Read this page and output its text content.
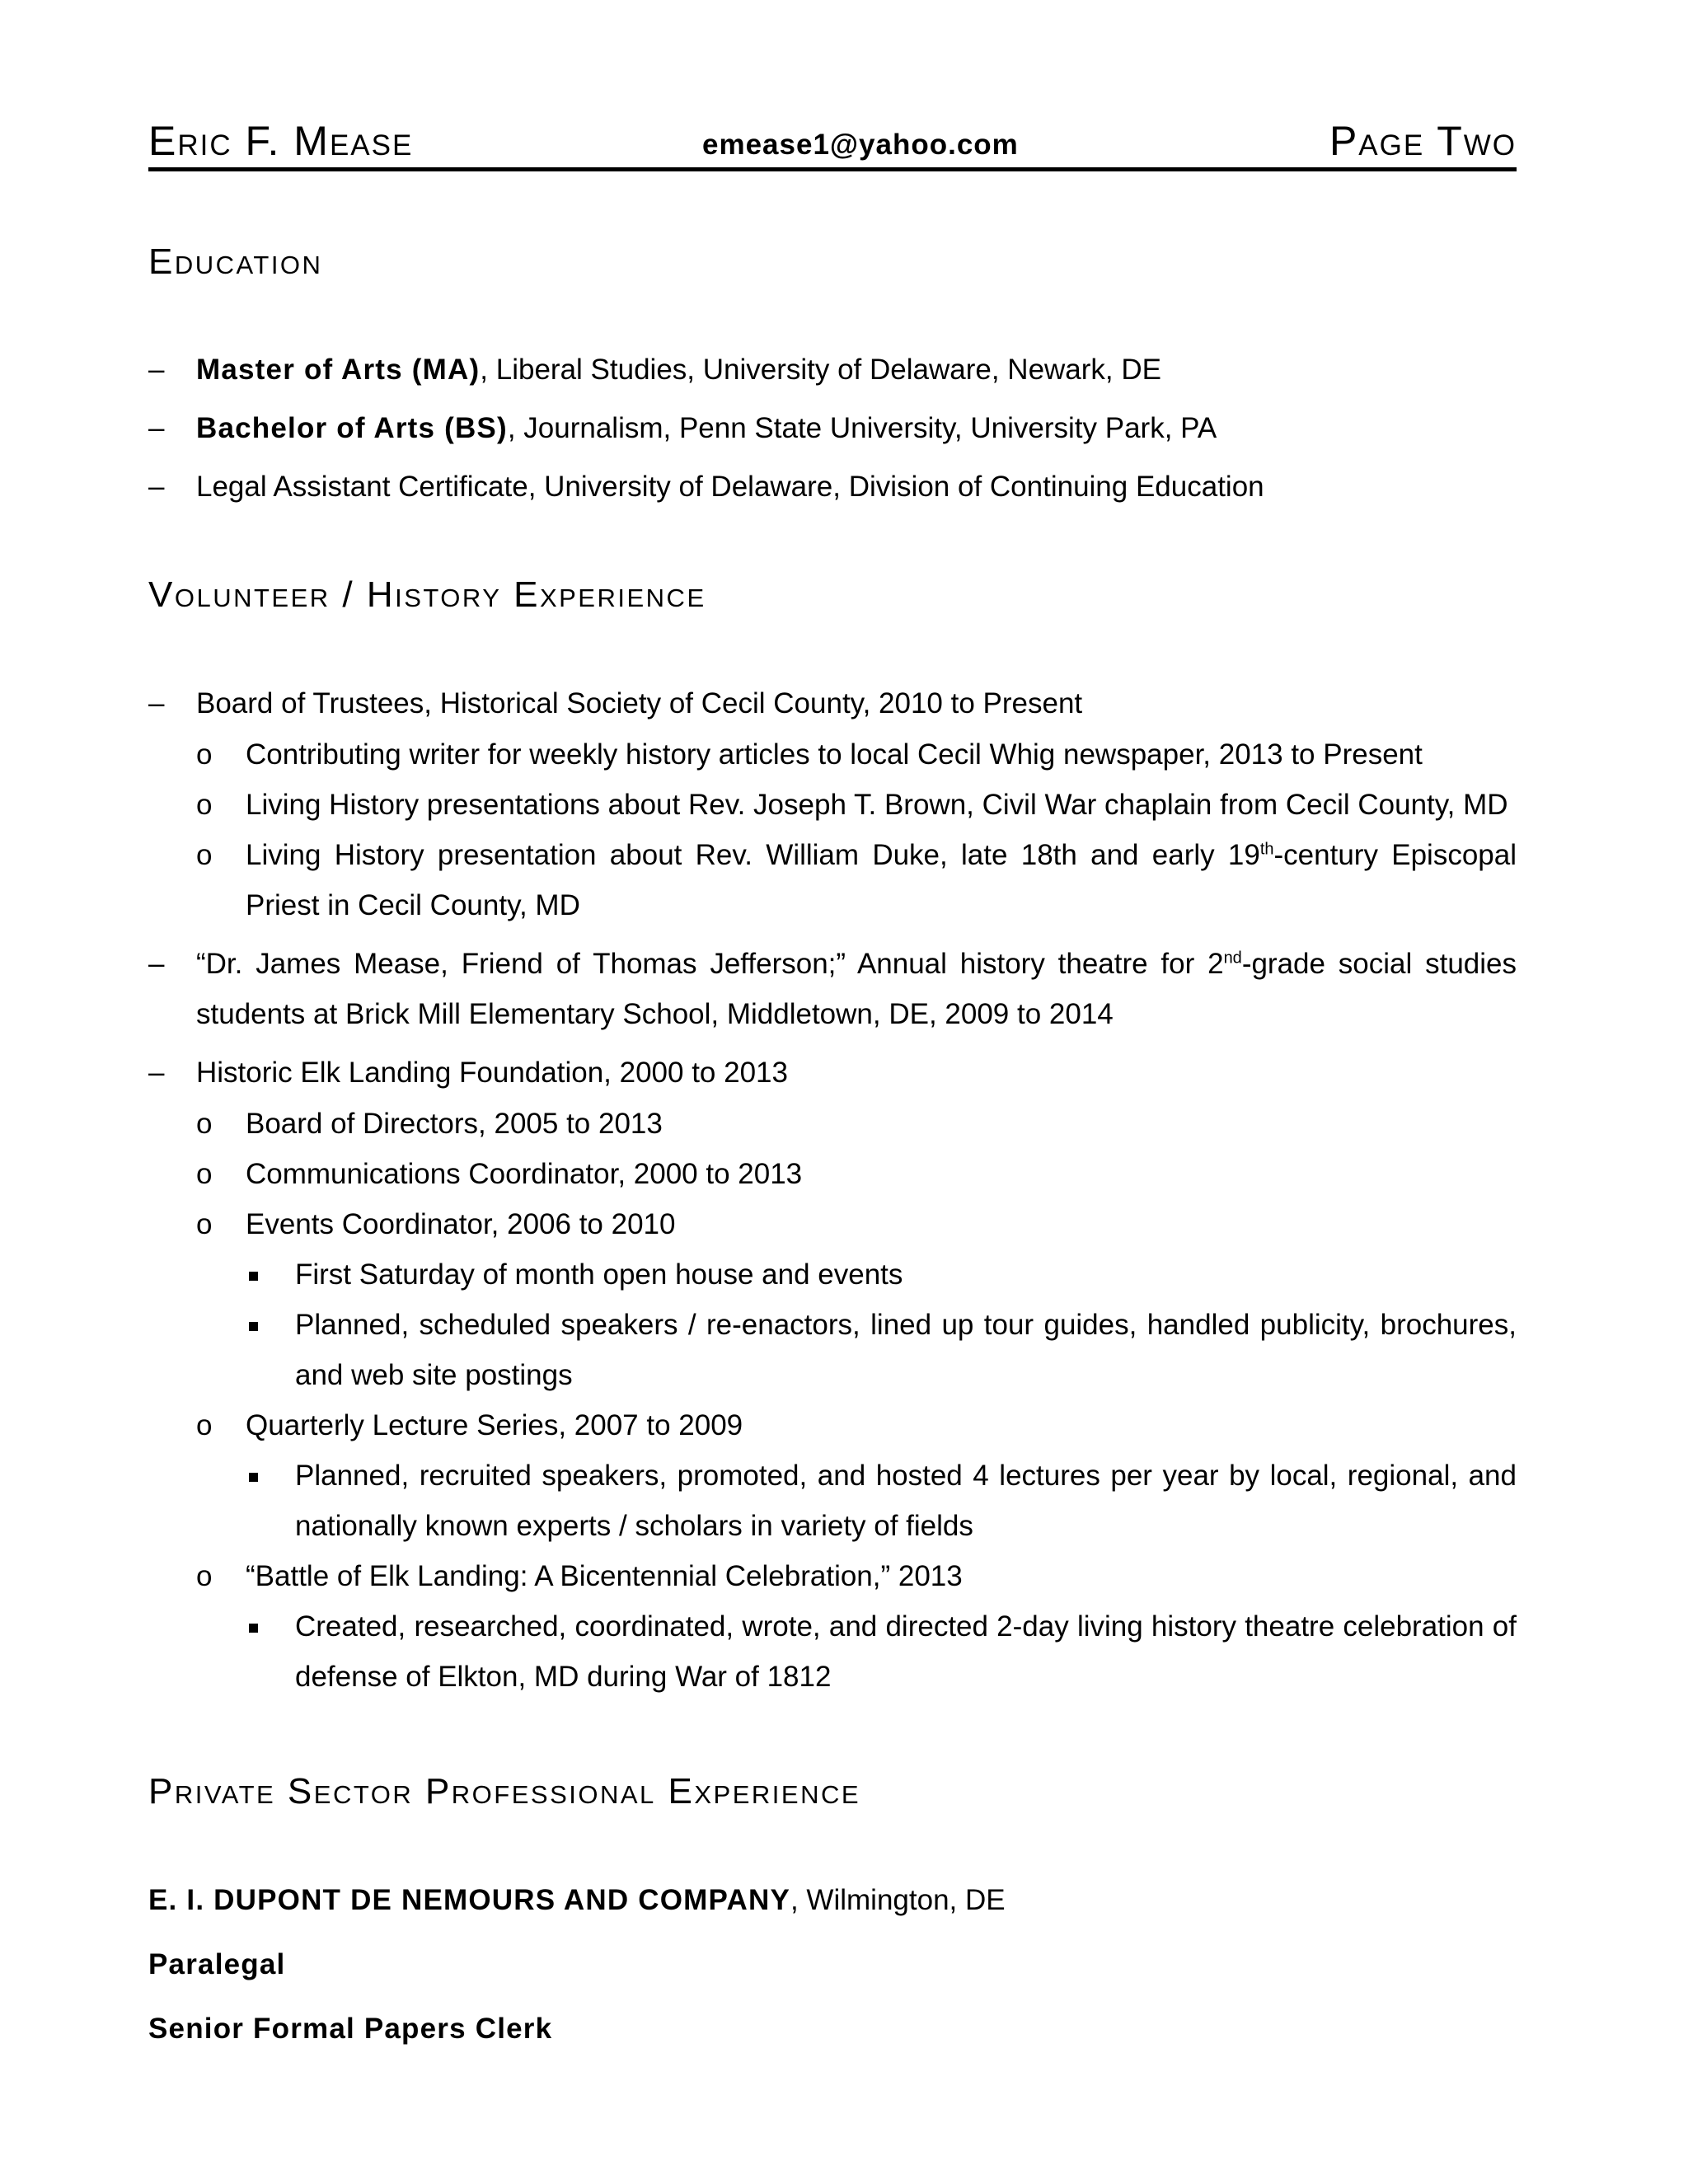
Eric F. Mease	emease1@yahoo.com	Page Two
Education
– Master of Arts (MA), Liberal Studies, University of Delaware, Newark, DE
– Bachelor of Arts (BS), Journalism, Penn State University, University Park, PA
– Legal Assistant Certificate, University of Delaware, Division of Continuing Education
Volunteer / History Experience
– Board of Trustees, Historical Society of Cecil County, 2010 to Present
o Contributing writer for weekly history articles to local Cecil Whig newspaper, 2013 to Present
o Living History presentations about Rev. Joseph T. Brown, Civil War chaplain from Cecil County, MD
o Living History presentation about Rev. William Duke, late 18th and early 19th-century Episcopal
Priest in Cecil County, MD
– “Dr. James Mease, Friend of Thomas Jefferson;” Annual history theatre for 2nd-grade social studies
students at Brick Mill Elementary School, Middletown, DE, 2009 to 2014
– Historic Elk Landing Foundation, 2000 to 2013
o Board of Directors, 2005 to 2013
o Communications Coordinator, 2000 to 2013
o Events Coordinator, 2006 to 2010
First Saturday of month open house and events
Planned, scheduled speakers / re-enactors, lined up tour guides, handled publicity, brochures,
and web site postings
o Quarterly Lecture Series, 2007 to 2009
Planned, recruited speakers, promoted, and hosted 4 lectures per year by local, regional, and
nationally known experts / scholars in variety of fields
o “Battle of Elk Landing: A Bicentennial Celebration,” 2013
Created, researched, coordinated, wrote, and directed 2-day living history theatre celebration of
defense of Elkton, MD during War of 1812
Private Sector Professional Experience
E. I. DUPONT DE NEMOURS AND COMPANY, Wilmington, DE
Paralegal
Senior Formal Papers Clerk
